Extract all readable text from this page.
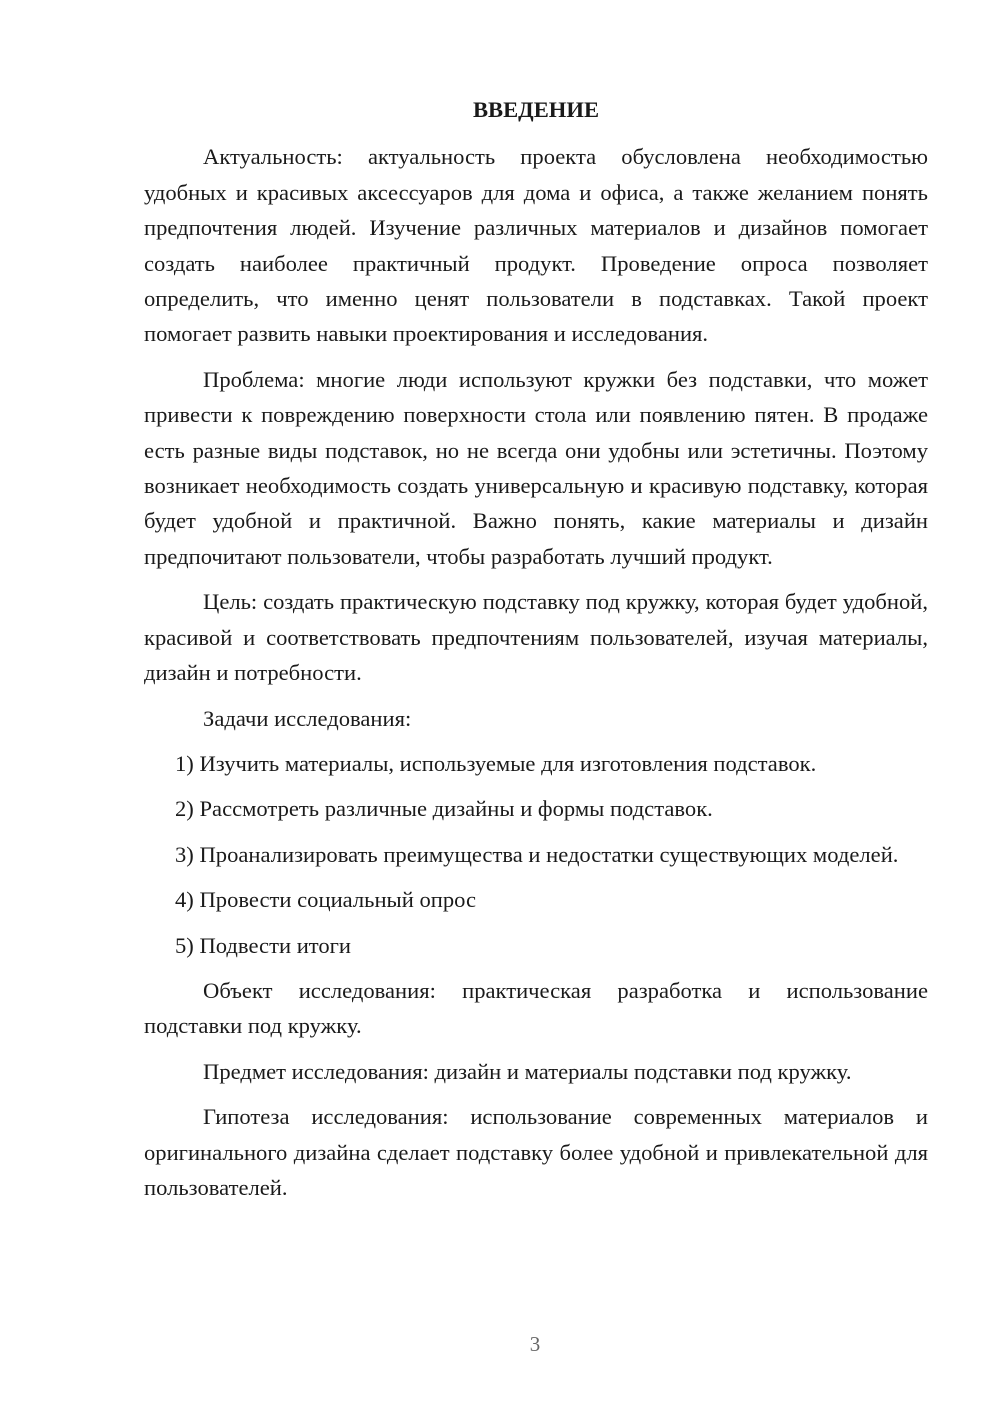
ВВЕДЕНИЕ

Актуальность: актуальность проекта обусловлена необходимостью удобных и красивых аксессуаров для дома и офиса, а также желанием понять предпочтения людей. Изучение различных материалов и дизайнов помогает создать наиболее практичный продукт. Проведение опроса позволяет определить, что именно ценят пользователи в подставках. Такой проект помогает развить навыки проектирования и исследования.

Проблема: многие люди используют кружки без подставки, что может привести к повреждению поверхности стола или появлению пятен. В продаже есть разные виды подставок, но не всегда они удобны или эстетичны. Поэтому возникает необходимость создать универсальную и красивую подставку, которая будет удобной и практичной. Важно понять, какие материалы и дизайн предпочитают пользователи, чтобы разработать лучший продукт.

Цель: создать практическую подставку под кружку, которая будет удобной, красивой и соответствовать предпочтениям пользователей, изучая материалы, дизайн и потребности.

Задачи исследования:

1) Изучить материалы, используемые для изготовления подставок.

2) Рассмотреть различные дизайны и формы подставок.

3) Проанализировать преимущества и недостатки существующих моделей.

4) Провести социальный опрос

5) Подвести итоги

Объект исследования: практическая разработка и использование подставки под кружку.

Предмет исследования: дизайн и материалы подставки под кружку.

Гипотеза исследования: использование современных материалов и оригинального дизайна сделает подставку более удобной и привлекательной для пользователей.

3
